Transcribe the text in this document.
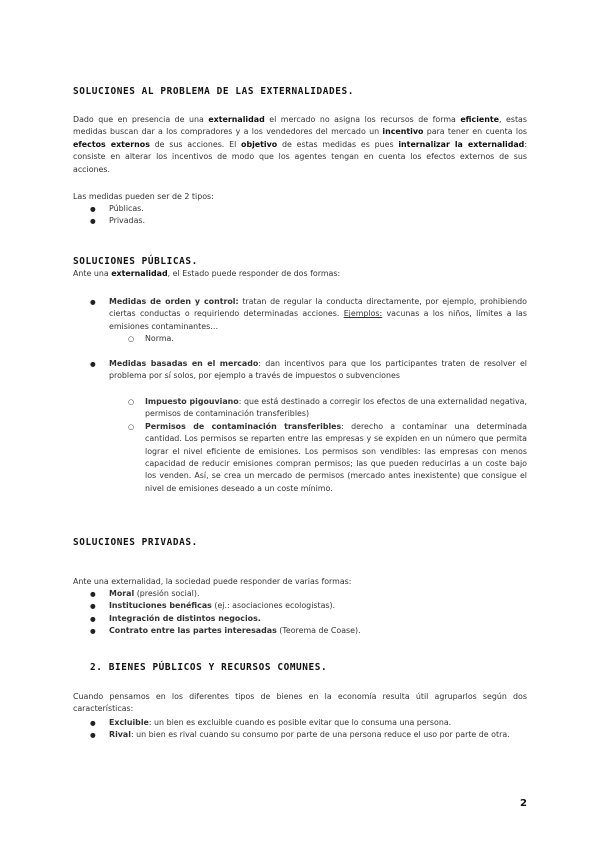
SOLUCIONES AL PROBLEMA DE LAS EXTERNALIDADES.
Dado que en presencia de una externalidad el mercado no asigna los recursos de forma eficiente, estas medidas buscan dar a los compradores y a los vendedores del mercado un incentivo para tener en cuenta los efectos externos de sus acciones. El objetivo de estas medidas es pues internalizar la externalidad: consiste en alterar los incentivos de modo que los agentes tengan en cuenta los efectos externos de sus acciones.
Las medidas pueden ser de 2 tipos:
● Públicas.
● Privadas.
SOLUCIONES PÚBLICAS.
Ante una externalidad, el Estado puede responder de dos formas:
● Medidas de orden y control: tratan de regular la conducta directamente, por ejemplo, prohibiendo ciertas conductas o requiriendo determinadas acciones. Ejemplos: vacunas a los niños, límites a las emisiones contaminantes…
○ Norma.
● Medidas basadas en el mercado: dan incentivos para que los participantes traten de resolver el problema por sí solos, por ejemplo a través de impuestos o subvenciones
○ Impuesto pigouviano: que está destinado a corregir los efectos de una externalidad negativa, permisos de contaminación transferibles)
○ Permisos de contaminación transferibles: derecho a contaminar una determinada cantidad. Los permisos se reparten entre las empresas y se expiden en un número que permita lograr el nivel eficiente de emisiones. Los permisos son vendibles: las empresas con menos capacidad de reducir emisiones compran permisos; las que pueden reducirlas a un coste bajo los venden. Así, se crea un mercado de permisos (mercado antes inexistente) que consigue el nivel de emisiones deseado a un coste mínimo.
SOLUCIONES PRIVADAS.
Ante una externalidad, la sociedad puede responder de varias formas:
● Moral (presión social).
● Instituciones benéficas (ej.: asociaciones ecologistas).
● Integración de distintos negocios.
● Contrato entre las partes interesadas (Teorema de Coase).
2. BIENES PÚBLICOS Y RECURSOS COMUNES.
Cuando pensamos en los diferentes tipos de bienes en la economía resulta útil agruparlos según dos características:
● Excluible: un bien es excluible cuando es posible evitar que lo consuma una persona.
● Rival: un bien es rival cuando su consumo por parte de una persona reduce el uso por parte de otra.
2
